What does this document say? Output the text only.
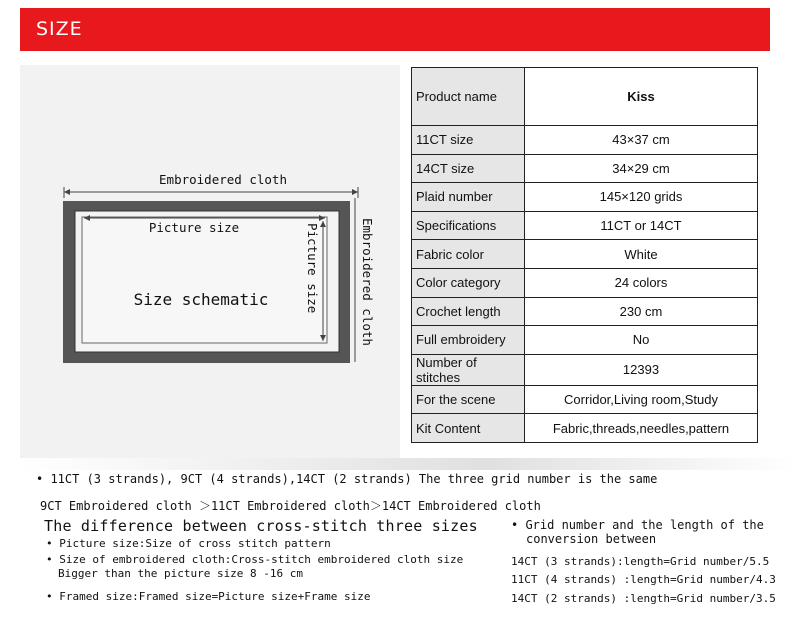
SIZE
Embroidered cloth
Picture size	Picture size	Embroidered cloth
Size schematic
Product name	Kiss
11CT size	43×37 cm
14CT size	34×29 cm
Plaid number	145×120 grids
Specifications	11CT or 14CT
Fabric color	White
Color category	24 colors
Crochet length	230 cm
Full embroidery	No
Number of stitches	12393
For the scene	Corridor,Living room,Study
Kit Content	Fabric,threads,needles,pattern
• 11CT (3 strands), 9CT (4 strands),14CT (2 strands) The three grid number is the same
9CT Embroidered cloth ＞11CT Embroidered cloth＞14CT Embroidered cloth
The difference between cross-stitch three sizes
• Picture size:Size of cross stitch pattern
• Size of embroidered cloth:Cross-stitch embroidered cloth size
Bigger than the picture size 8 -16 cm
• Framed size:Framed size=Picture size+Frame size
• Grid number and the length of the
conversion between
14CT (3 strands):length=Grid number/5.5
11CT (4 strands) :length=Grid number/4.3
14CT (2 strands) :length=Grid number/3.5
